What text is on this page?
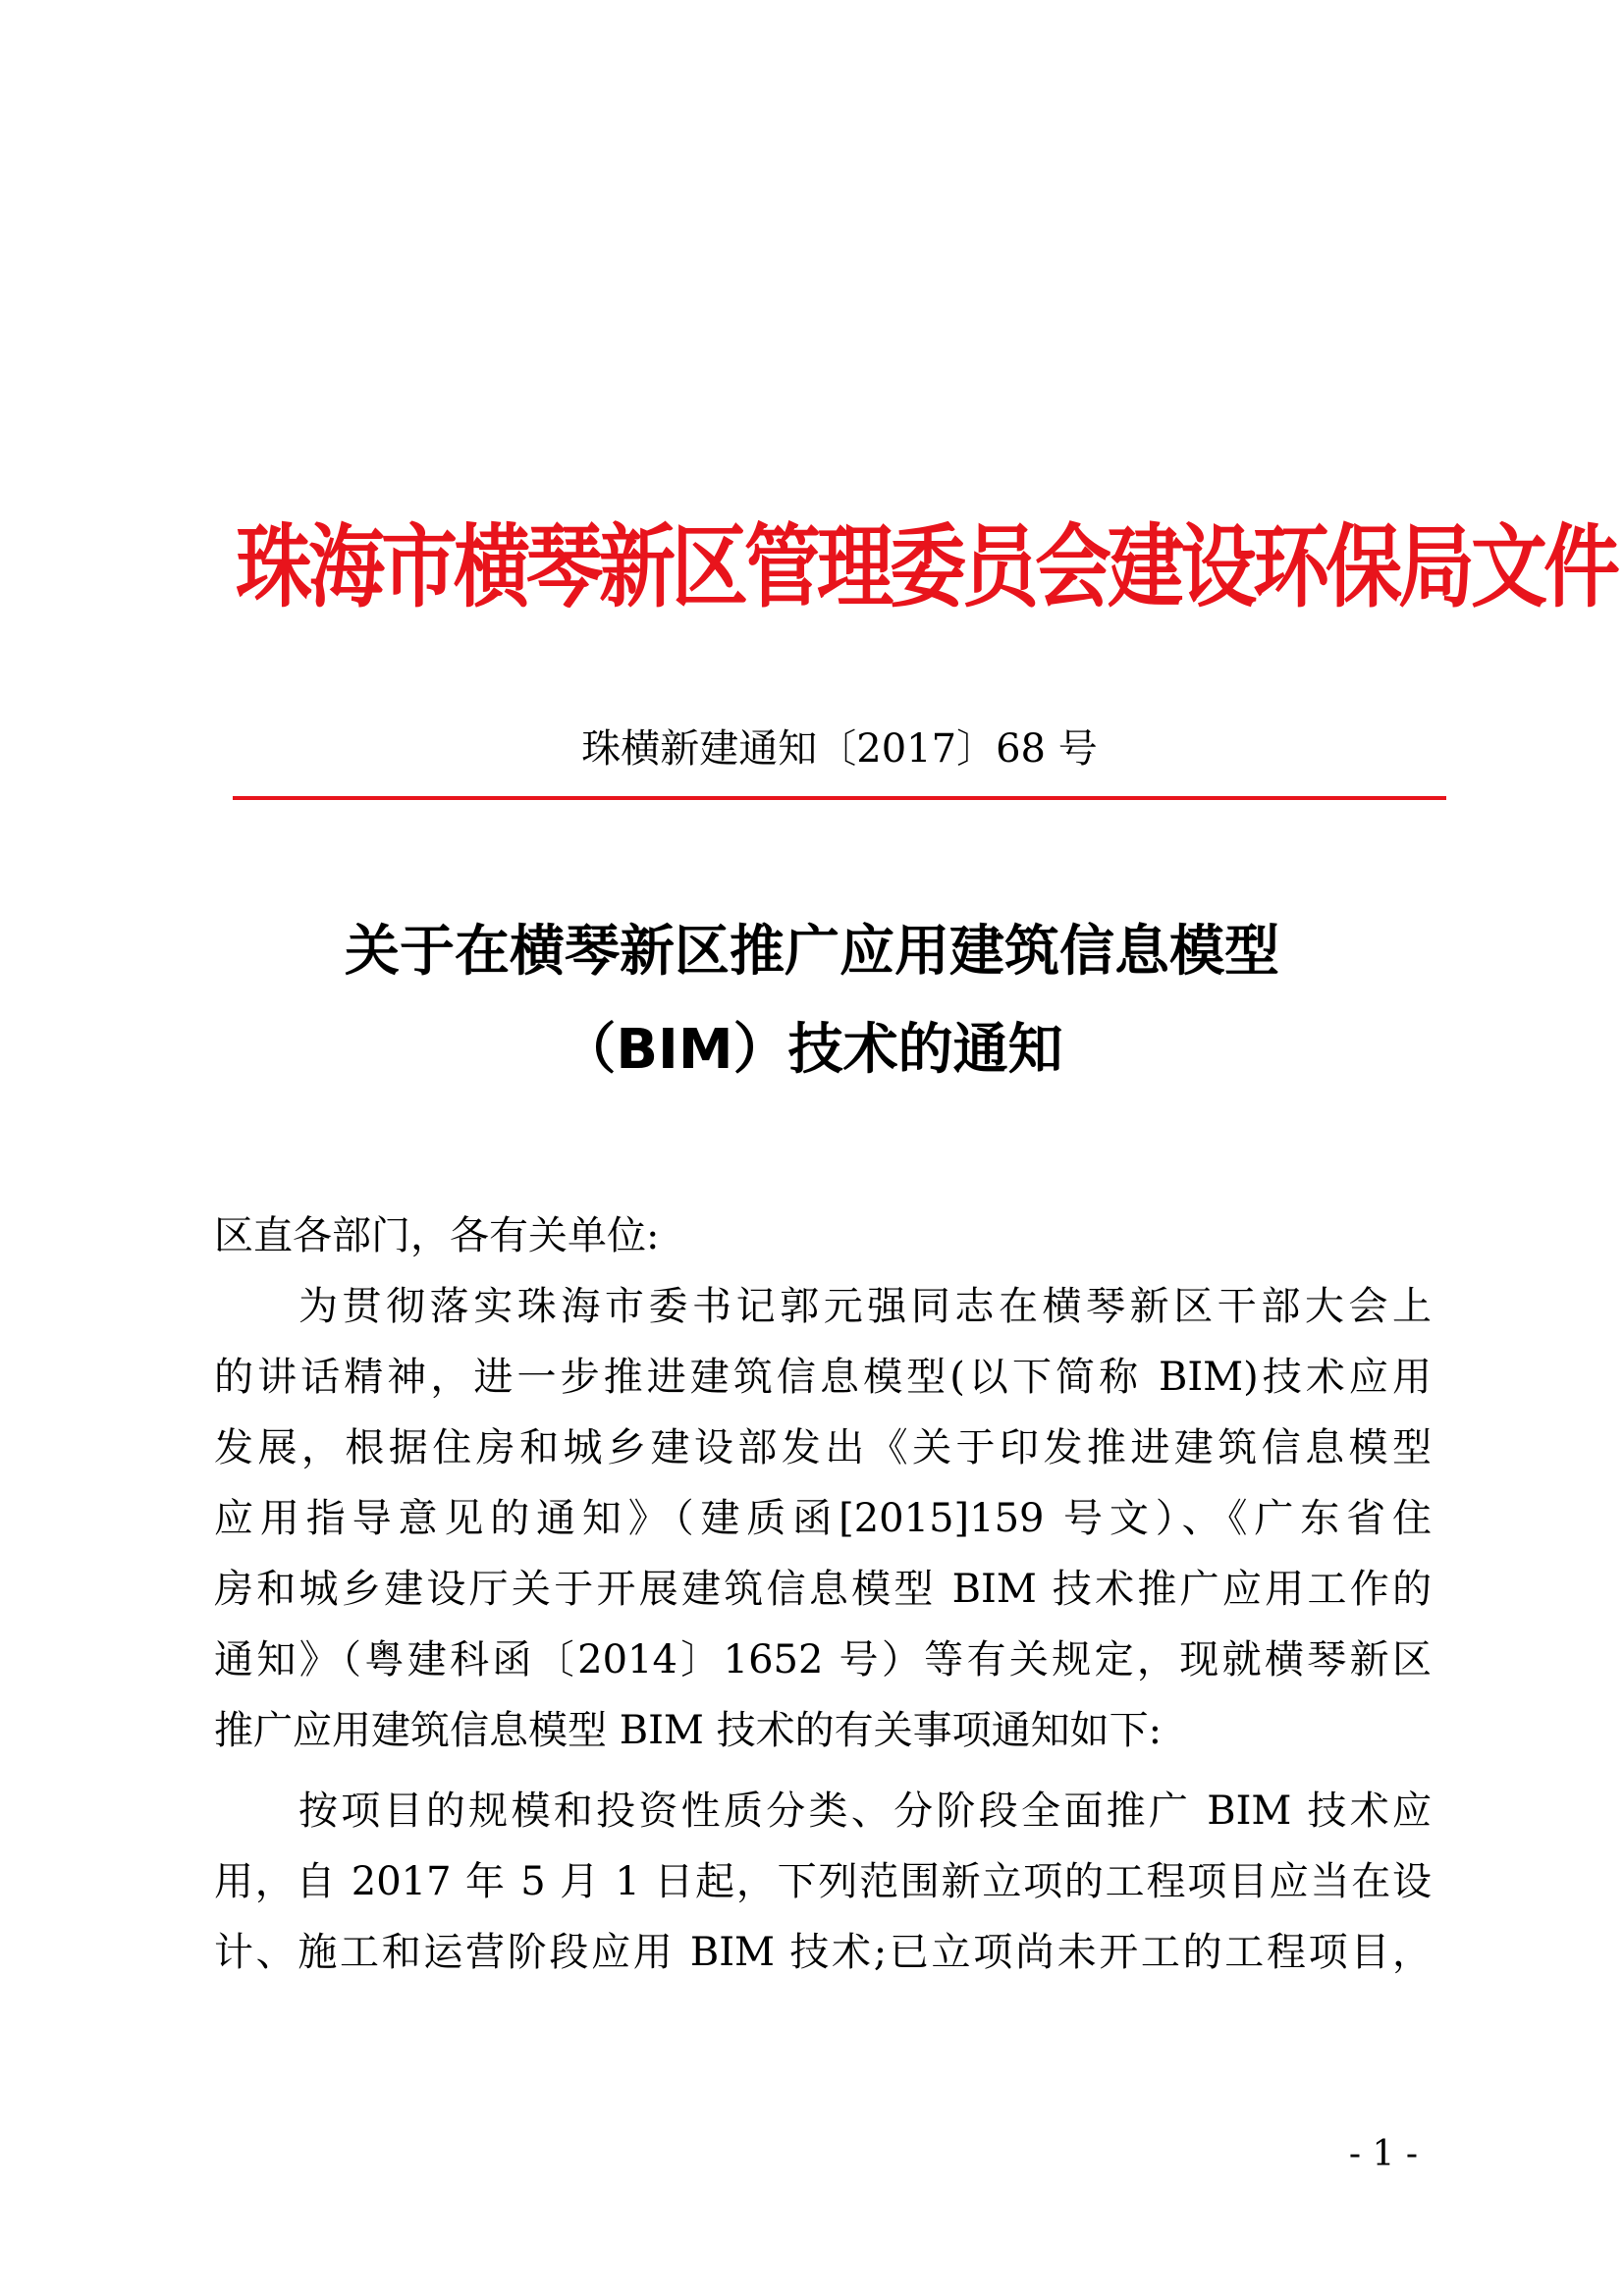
珠海市横琴新区管理委员会建设环保局文件
珠横新建通知〔2017〕68 号
关于在横琴新区推广应用建筑信息模型
（BIM）技术的通知
区直各部门，各有关单位:
为贯彻落实珠海市委书记郭元强同志在横琴新区干部大会上
的讲话精神，进一步推进建筑信息模型(以下简称 BIM)技术应用
发展，根据住房和城乡建设部发出《关于印发推进建筑信息模型
应用指导意见的通知》（建质函[2015]159 号文）、《广东省住
房和城乡建设厅关于开展建筑信息模型 BIM 技术推广应用工作的
通知》（粤建科函〔2014〕1652 号）等有关规定，现就横琴新区
推广应用建筑信息模型 BIM 技术的有关事项通知如下:
按项目的规模和投资性质分类、分阶段全面推广 BIM 技术应
用，自 2017 年 5 月 1 日起，下列范围新立项的工程项目应当在设
计、施工和运营阶段应用 BIM 技术;已立项尚未开工的工程项目，
- 1 -
